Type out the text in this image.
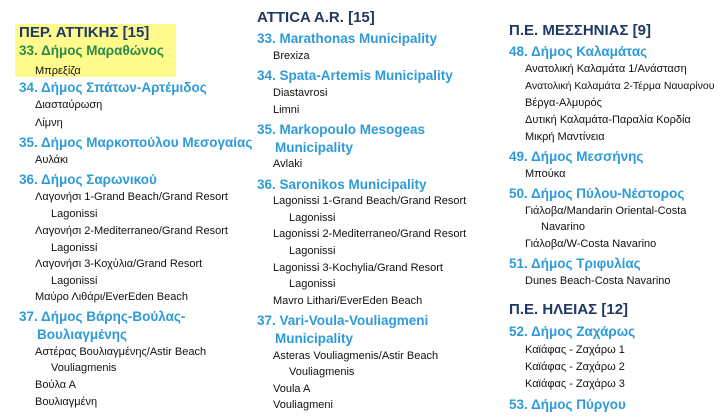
ΠΕΡ. ΑΤΤΙΚΗΣ [15]
33. Δήμος Μαραθώνος
Μπρεξίζα
34. Δήμος Σπάτων-Αρτέμιδος
Διασταύρωση
Λίμνη
35. Δήμος Μαρκοπούλου Μεσογαίας
Αυλάκι
36. Δήμος Σαρωνικού
Λαγονήσι 1-Grand Beach/Grand Resort
Lagonissi
Λαγονήσι 2-Mediterraneo/Grand Resort
Lagonissi
Λαγονήσι 3-Κοχύλια/Grand Resort
Lagonissi
Μαύρο Λιθάρι/EverEden Beach
37. Δήμος Βάρης-Βούλας-
Βουλιαγμένης
Αστέρας Βουλιαγμένης/Astir Beach
Vouliagmenis
Βούλα Α
Βουλιαγμένη
ATTICA A.R. [15]
33. Marathonas Municipality
Brexiza
34. Spata-Artemis Municipality
Diastavrosi
Limni
35. Markopoulo Mesogeas
Municipality
Avlaki
36. Saronikos Municipality
Lagonissi 1-Grand Beach/Grand Resort
Lagonissi
Lagonissi 2-Mediterraneo/Grand Resort
Lagonissi
Lagonissi 3-Kochylia/Grand Resort
Lagonissi
Mavro Lithari/EverEden Beach
37. Vari-Voula-Vouliagmeni
Municipality
Asteras Vouliagmenis/Astir Beach
Vouliagmenis
Voula A
Vouliagmeni
Π.Ε. ΜΕΣΣΗΝΙΑΣ [9]
48. Δήμος Καλαμάτας
Ανατολική Καλαμάτα 1/Ανάσταση
Ανατολική Καλαμάτα 2-Τέρμα Ναυαρίνου
Βέργα-Αλμυρός
Δυτική Καλαμάτα-Παραλία Κορδία
Μικρή Μαντίνεια
49. Δήμος Μεσσήνης
Μπούκα
50. Δήμος Πύλου-Νέστορος
Γιάλοβα/Mandarin Oriental-Costa
Navarino
Γιάλοβα/W-Costa Navarino
51. Δήμος Τριφυλίας
Dunes Beach-Costa Navarino
Π.Ε. ΗΛΕΙΑΣ [12]
52. Δήμος Ζαχάρως
Καϊάφας - Ζαχάρω 1
Καϊάφας - Ζαχάρω 2
Καϊάφας - Ζαχάρω 3
53. Δήμος Πύργου
